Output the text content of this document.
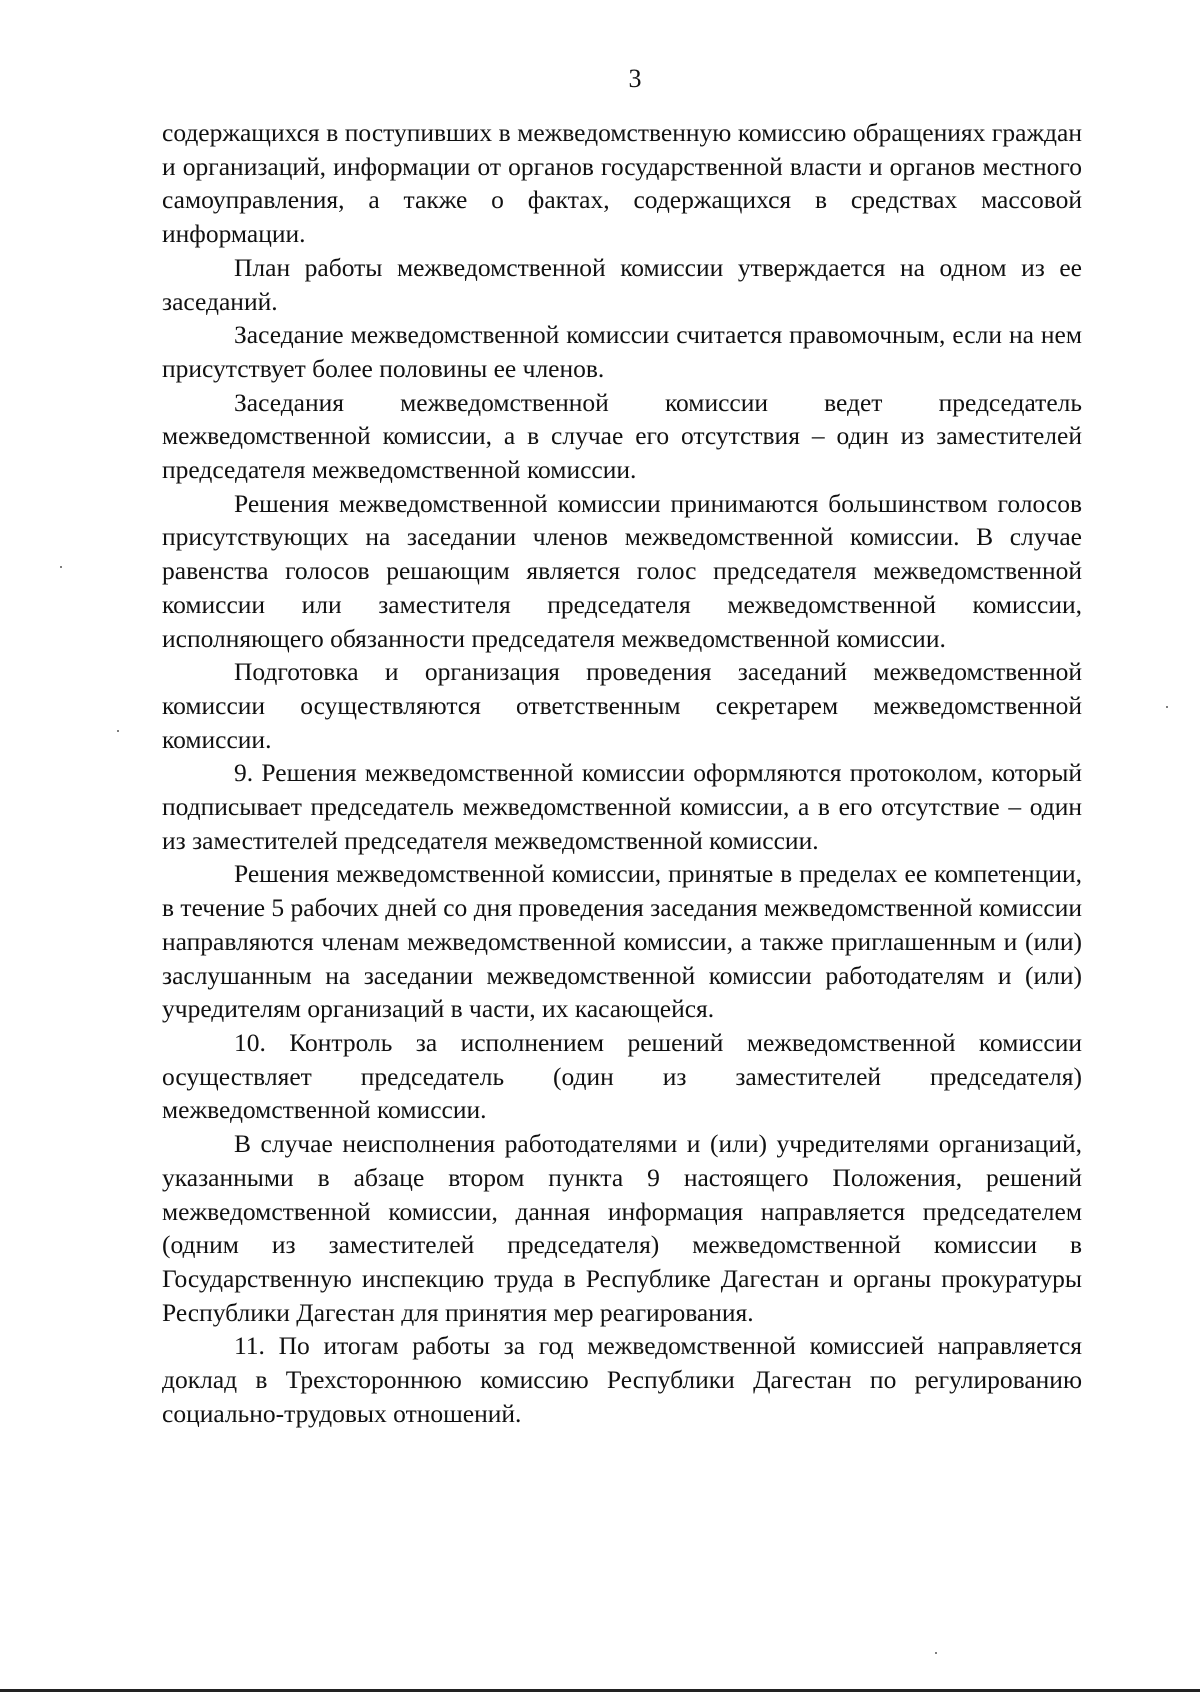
3

содержащихся в поступивших в межведомственную комиссию обращениях граждан и организаций, информации от органов государственной власти и органов местного самоуправления, а также о фактах, содержащихся в средствах массовой информации.

План работы межведомственной комиссии утверждается на одном из ее заседаний.

Заседание межведомственной комиссии считается правомочным, если на нем присутствует более половины ее членов.

Заседания межведомственной комиссии ведет председатель межведомственной комиссии, а в случае его отсутствия – один из заместителей председателя межведомственной комиссии.

Решения межведомственной комиссии принимаются большинством голосов присутствующих на заседании членов межведомственной комиссии. В случае равенства голосов решающим является голос председателя межведомственной комиссии или заместителя председателя межведомственной комиссии, исполняющего обязанности председателя межведомственной комиссии.

Подготовка и организация проведения заседаний межведомственной комиссии осуществляются ответственным секретарем межведомственной комиссии.

9. Решения межведомственной комиссии оформляются протоколом, который подписывает председатель межведомственной комиссии, а в его отсутствие – один из заместителей председателя межведомственной комиссии.

Решения межведомственной комиссии, принятые в пределах ее компетенции, в течение 5 рабочих дней со дня проведения заседания межведомственной комиссии направляются членам межведомственной комиссии, а также приглашенным и (или) заслушанным на заседании межведомственной комиссии работодателям и (или) учредителям организаций в части, их касающейся.

10. Контроль за исполнением решений межведомственной комиссии осуществляет председатель (один из заместителей председателя) межведомственной комиссии.

В случае неисполнения работодателями и (или) учредителями организаций, указанными в абзаце втором пункта 9 настоящего Положения, решений межведомственной комиссии, данная информация направляется председателем (одним из заместителей председателя) межведомственной комиссии в Государственную инспекцию труда в Республике Дагестан и органы прокуратуры Республики Дагестан для принятия мер реагирования.

11. По итогам работы за год межведомственной комиссией направляется доклад в Трехстороннюю комиссию Республики Дагестан по регулированию социально-трудовых отношений.
